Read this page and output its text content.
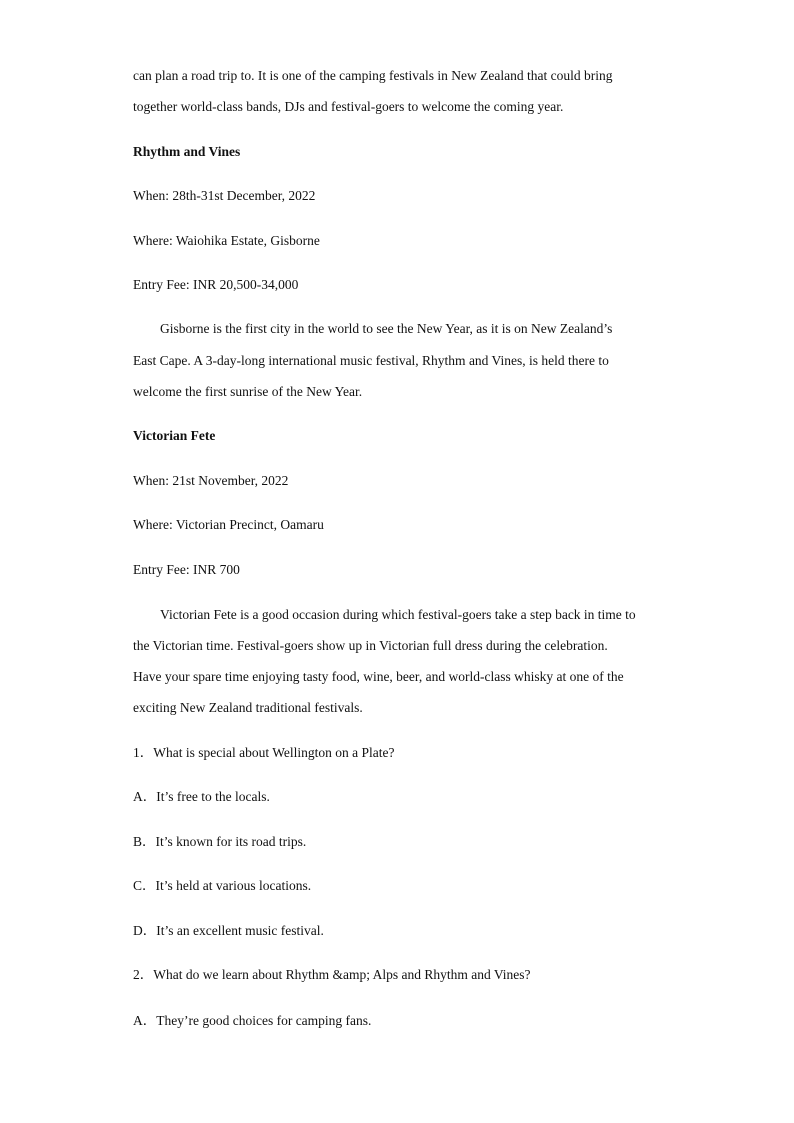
can plan a road trip to. It is one of the camping festivals in New Zealand that could bring
together world-class bands, DJs and festival-goers to welcome the coming year.
Rhythm and Vines
When: 28th-31st December, 2022
Where: Waiohika Estate, Gisborne
Entry Fee: INR 20,500-34,000
Gisborne is the first city in the world to see the New Year, as it is on New Zealand’s
East Cape. A 3-day-long international music festival, Rhythm and Vines, is held there to
welcome the first sunrise of the New Year.
Victorian Fete
When: 21st November, 2022
Where: Victorian Precinct, Oamaru
Entry Fee: INR 700
Victorian Fete is a good occasion during which festival-goers take a step back in time to
the Victorian time. Festival-goers show up in Victorian full dress during the celebration.
Have your spare time enjoying tasty food, wine, beer, and world-class whisky at one of the
exciting New Zealand traditional festivals.
1．What is special about Wellington on a Plate?
A．It’s free to the locals.
B．It’s known for its road trips.
C．It’s held at various locations.
D．It’s an excellent music festival.
2．What do we learn about Rhythm &amp; Alps and Rhythm and Vines?
A．They’re good choices for camping fans.
